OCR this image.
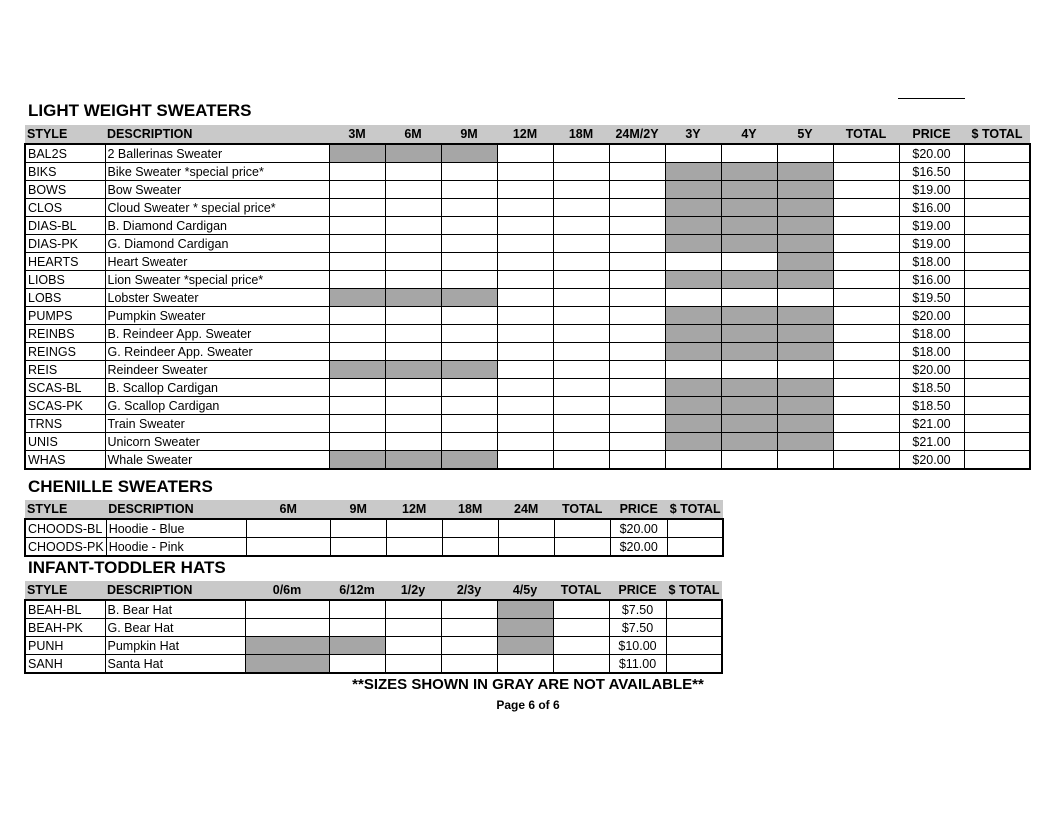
LIGHT WEIGHT SWEATERS
STYLE	DESCRIPTION	3M	6M	9M	12M	18M	24M/2Y	3Y	4Y	5Y	TOTAL	PRICE	$ TOTAL
BAL2S	2 Ballerinas Sweater											$20.00	
BIKS	Bike Sweater *special price*											$16.50	
BOWS	Bow Sweater											$19.00	
CLOS	Cloud Sweater * special price*											$16.00	
DIAS-BL	B. Diamond Cardigan											$19.00	
DIAS-PK	G. Diamond Cardigan											$19.00	
HEARTS	Heart Sweater											$18.00	
LIOBS	Lion Sweater *special price*											$16.00	
LOBS	Lobster Sweater											$19.50	
PUMPS	Pumpkin Sweater											$20.00	
REINBS	B. Reindeer App. Sweater											$18.00	
REINGS	G. Reindeer App. Sweater											$18.00	
REIS	Reindeer Sweater											$20.00	
SCAS-BL	B. Scallop Cardigan											$18.50	
SCAS-PK	G. Scallop Cardigan											$18.50	
TRNS	Train Sweater											$21.00	
UNIS	Unicorn Sweater											$21.00	
WHAS	Whale Sweater											$20.00	
CHENILLE SWEATERS
STYLE	DESCRIPTION	6M	9M	12M	18M	24M	TOTAL	PRICE	$ TOTAL
CHOODS-BL	Hoodie - Blue							$20.00	
CHOODS-PK	Hoodie - Pink							$20.00	
INFANT-TODDLER HATS
STYLE	DESCRIPTION	0/6m	6/12m	1/2y	2/3y	4/5y	TOTAL	PRICE	$ TOTAL
BEAH-BL	B. Bear Hat							$7.50	
BEAH-PK	G. Bear Hat							$7.50	
PUNH	Pumpkin Hat							$10.00	
SANH	Santa Hat							$11.00	

**SIZES SHOWN IN GRAY ARE NOT AVAILABLE**

Page 6 of 6
